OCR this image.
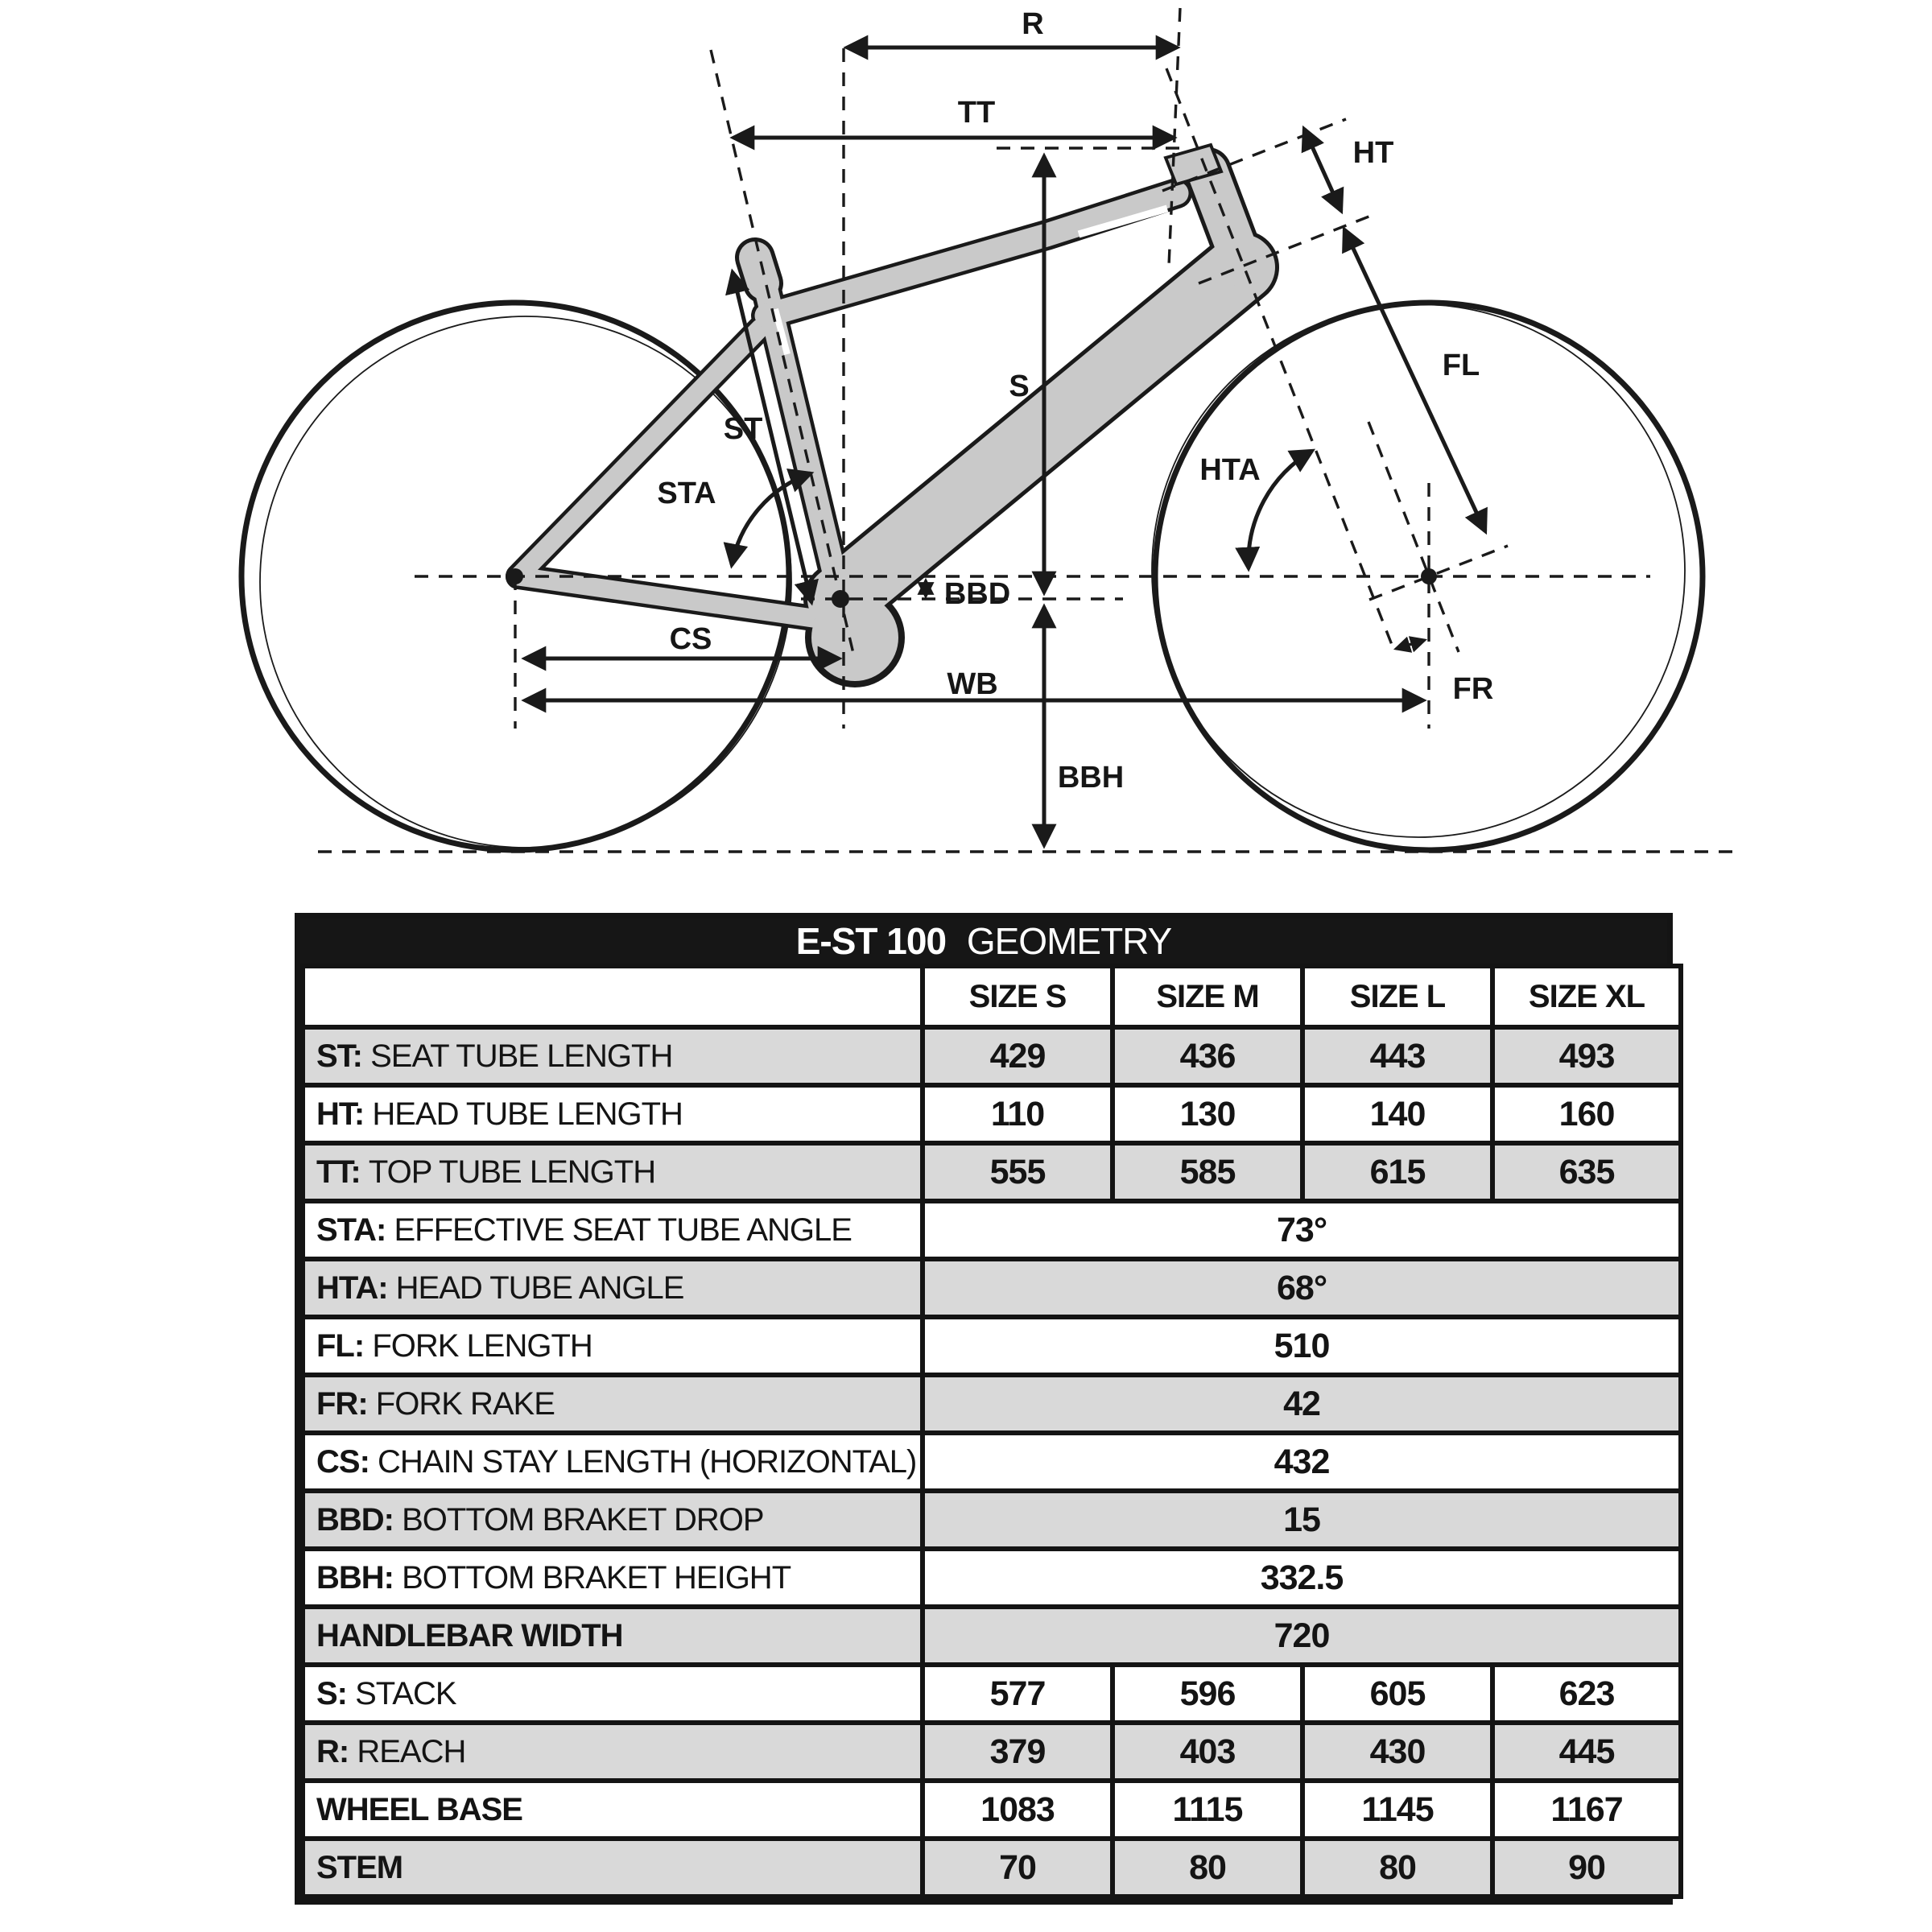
R
TT
HT
FL
S
ST
STA
HTA
BBD
CS
WB
BBH
FR
E-ST 100 GEOMETRY
	SIZE S	SIZE M	SIZE L	SIZE XL
ST: SEAT TUBE LENGTH	429	436	443	493
HT: HEAD TUBE LENGTH	110	130	140	160
TT: TOP TUBE LENGTH	555	585	615	635
STA: EFFECTIVE SEAT TUBE ANGLE	73°			
HTA: HEAD TUBE ANGLE	68°			
FL: FORK LENGTH	510			
FR: FORK RAKE	42			
CS: CHAIN STAY LENGTH (HORIZONTAL)	432			
BBD: BOTTOM BRAKET DROP	15			
BBH: BOTTOM BRAKET HEIGHT	332.5			
HANDLEBAR WIDTH	720			
S: STACK	577	596	605	623
R: REACH	379	403	430	445
WHEEL BASE	1083	1115	1145	1167
STEM	70	80	80	90
